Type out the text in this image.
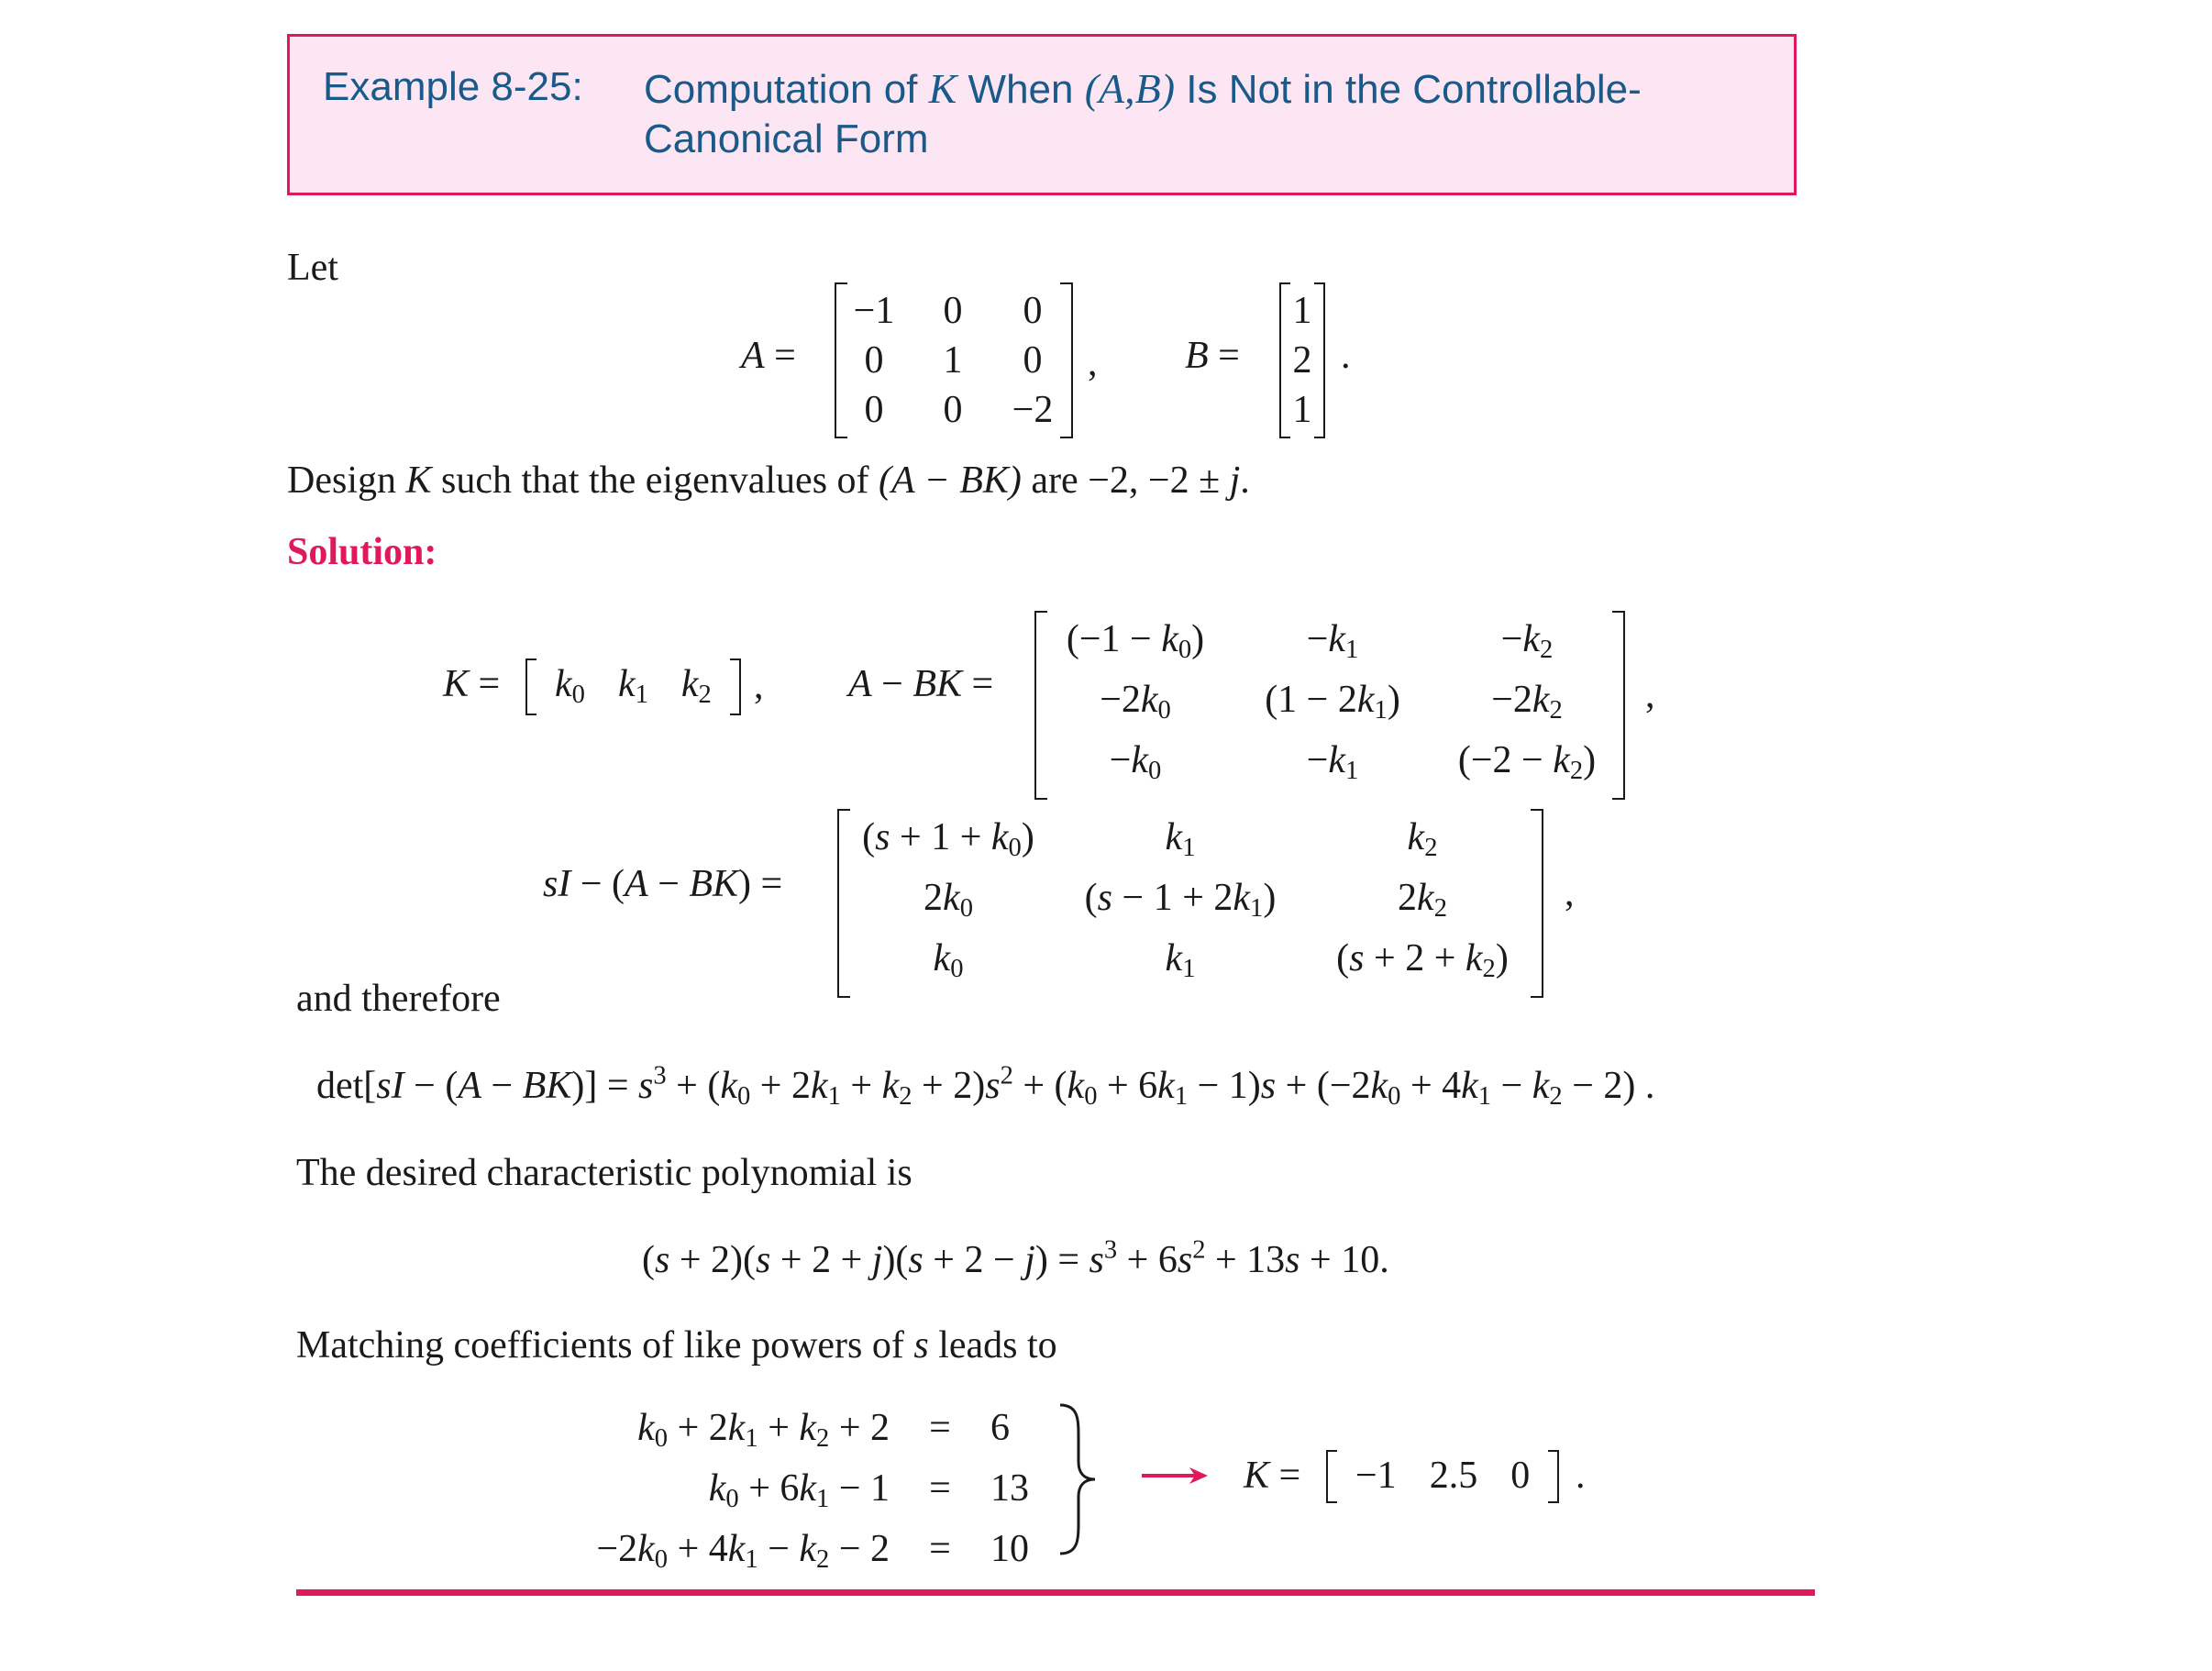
Example 8-25: Computation of K When (A,B) Is Not in the Controllable-Canonical Form
Let
A =
−1	0	0
0	1	0
0	0	−2
, B =
1
2
1
.
Design K such that the eigenvalues of (A − BK) are −2, −2 ± j.
Solution:
K =	$k_0$ $k_1$ $k_2$	, A − BK =
$(-1 - k_0)$	$-k_1$	$-k_2$
$-2k_0$	$(1 - 2k_1)$	$-2k_2$
$-k_0$	$-k_1$	$(-2 - k_2)$
,
sI − (A − BK) =
$(s + 1 + k_0)$	$k_1$	$k_2$
$2k_0$	$(s - 1 + 2k_1)$	$2k_2$
$k_0$	$k_1$	$(s + 2 + k_2)$
,
and therefore
$\det[sI - (A - BK)] = s^3 + (k_0 + 2k_1 + k_2 + 2)s^2 + (k_0 + 6k_1 - 1)s + (-2k_0 + 4k_1 - k_2 - 2)$ .
The desired characteristic polynomial is
$(s + 2)(s + 2 + j)(s + 2 - j) = s^3 + 6s^2 + 13s + 10$.
Matching coefficients of like powers of s leads to
$k_0 + 2k_1 + k_2 + 2$	=	6
$k_0 + 6k_1 - 1$	=	13
$-2k_0 + 4k_1 - k_2 - 2$	=	10
K =	−1 2.5 0	.
